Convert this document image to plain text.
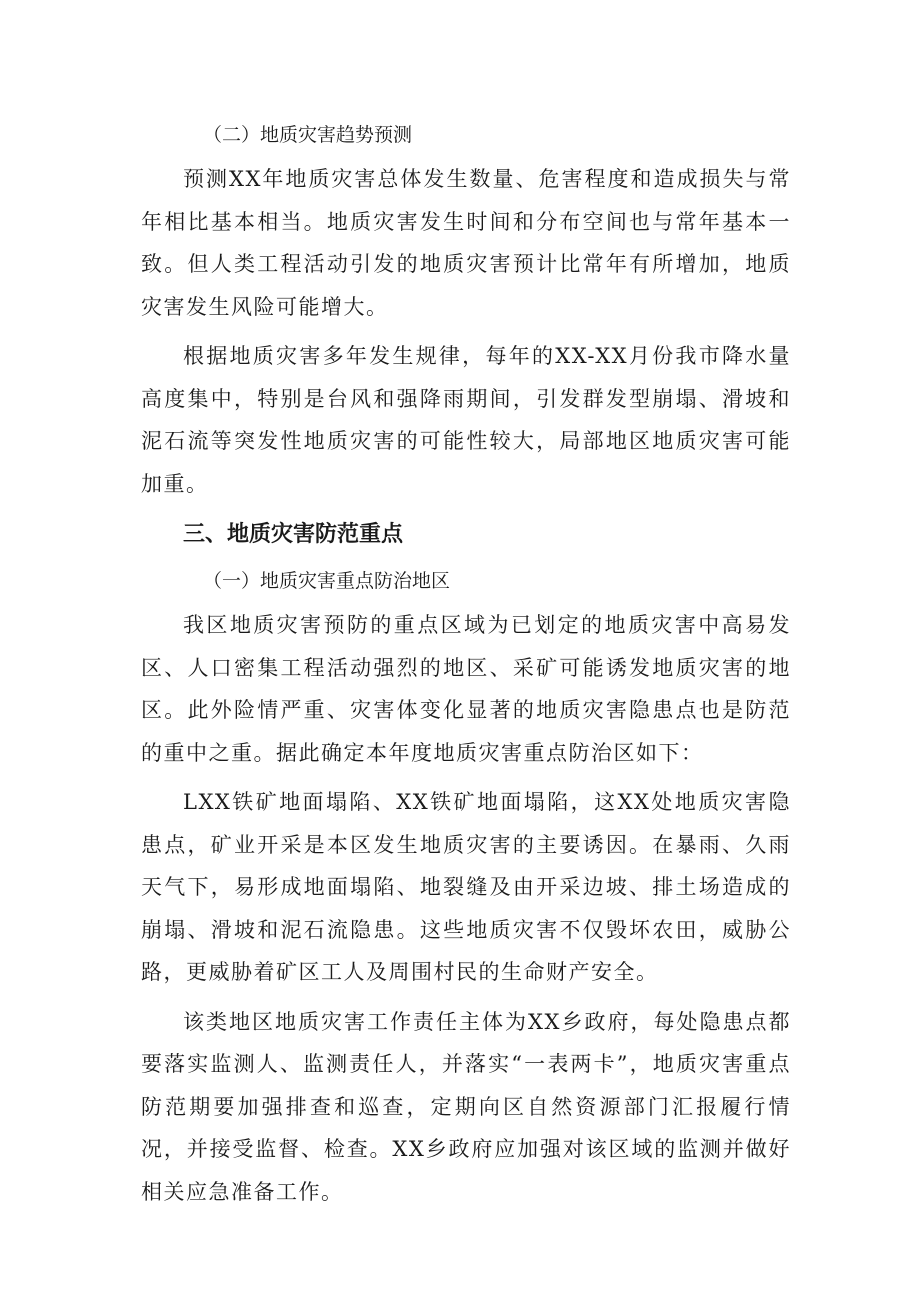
（二）地质灾害趋势预测

预测XX年地质灾害总体发生数量、危害程度和造成损失与常年相比基本相当。地质灾害发生时间和分布空间也与常年基本一致。但人类工程活动引发的地质灾害预计比常年有所增加，地质灾害发生风险可能增大。

根据地质灾害多年发生规律，每年的XX-XX月份我市降水量高度集中，特别是台风和强降雨期间，引发群发型崩塌、滑坡和泥石流等突发性地质灾害的可能性较大，局部地区地质灾害可能加重。

三、地质灾害防范重点

（一）地质灾害重点防治地区

我区地质灾害预防的重点区域为已划定的地质灾害中高易发区、人口密集工程活动强烈的地区、采矿可能诱发地质灾害的地区。此外险情严重、灾害体变化显著的地质灾害隐患点也是防范的重中之重。据此确定本年度地质灾害重点防治区如下：

LXX铁矿地面塌陷、XX铁矿地面塌陷，这XX处地质灾害隐患点，矿业开采是本区发生地质灾害的主要诱因。在暴雨、久雨天气下，易形成地面塌陷、地裂缝及由开采边坡、排土场造成的崩塌、滑坡和泥石流隐患。这些地质灾害不仅毁坏农田，威胁公路，更威胁着矿区工人及周围村民的生命财产安全。

该类地区地质灾害工作责任主体为XX乡政府，每处隐患点都要落实监测人、监测责任人，并落实“一表两卡”，地质灾害重点防范期要加强排查和巡查，定期向区自然资源部门汇报履行情况，并接受监督、检查。XX乡政府应加强对该区域的监测并做好相关应急准备工作。
